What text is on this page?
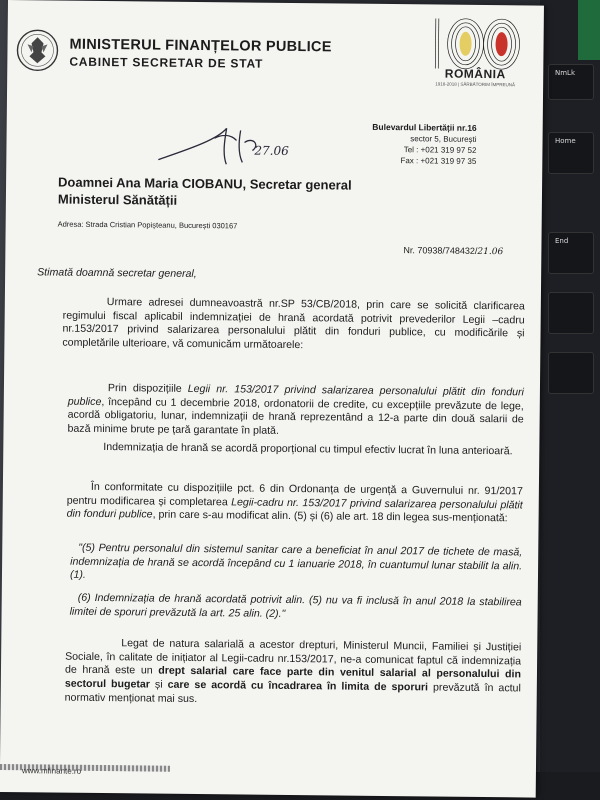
NmLk
Home
End
MINISTERUL FINANȚELOR PUBLICE
CABINET SECRETAR DE STAT
ROMÂNIA
1918-2018 | SĂRBĂTORIM ÎMPREUNĂ
Bulevardul Libertății nr.16
sector 5, București
Tel : +021 319 97 52
Fax : +021 319 97 35
27.06
Doamnei Ana Maria CIOBANU, Secretar general
Ministerul Sănătății
Adresa: Strada Cristian Popișteanu, București 030167
Nr. 70938/748432/21.06
Stimată doamnă secretar general,
Urmare adresei dumneavoastră nr.SP 53/CB/2018, prin care se solicită clarificarea regimului fiscal aplicabil indemnizației de hrană acordată potrivit prevederilor Legii –cadru nr.153/2017 privind salarizarea personalului plătit din fonduri publice, cu modificările și completările ulterioare, vă comunicăm următoarele:
Prin dispozițiile Legii nr. 153/2017 privind salarizarea personalului plătit din fonduri publice, începând cu 1 decembrie 2018, ordonatorii de credite, cu excepțiile prevăzute de lege, acordă obligatoriu, lunar, indemnizații de hrană reprezentând a 12-a parte din două salarii de bază minime brute pe țară garantate în plată.
Indemnizația de hrană se acordă proporțional cu timpul efectiv lucrat în luna anterioară.
În conformitate cu dispozițiile pct. 6 din Ordonanța de urgență a Guvernului nr. 91/2017 pentru modificarea și completarea Legii-cadru nr. 153/2017 privind salarizarea personalului plătit din fonduri publice, prin care s-au modificat alin. (5) și (6) ale art. 18 din legea sus-menționată:
"(5) Pentru personalul din sistemul sanitar care a beneficiat în anul 2017 de tichete de masă, indemnizația de hrană se acordă începând cu 1 ianuarie 2018, în cuantumul lunar stabilit la alin. (1).
(6) Indemnizația de hrană acordată potrivit alin. (5) nu va fi inclusă în anul 2018 la stabilirea limitei de sporuri prevăzută la art. 25 alin. (2)."
Legat de natura salarială a acestor drepturi, Ministerul Muncii, Familiei și Justiției Sociale, în calitate de inițiator al Legii-cadru nr.153/2017, ne-a comunicat faptul că indemnizația de hrană este un drept salarial care face parte din venitul salarial al personalului din sectorul bugetar și care se acordă cu încadrarea în limita de sporuri prevăzută în actul normativ menționat mai sus.
www.mfinante.ro
